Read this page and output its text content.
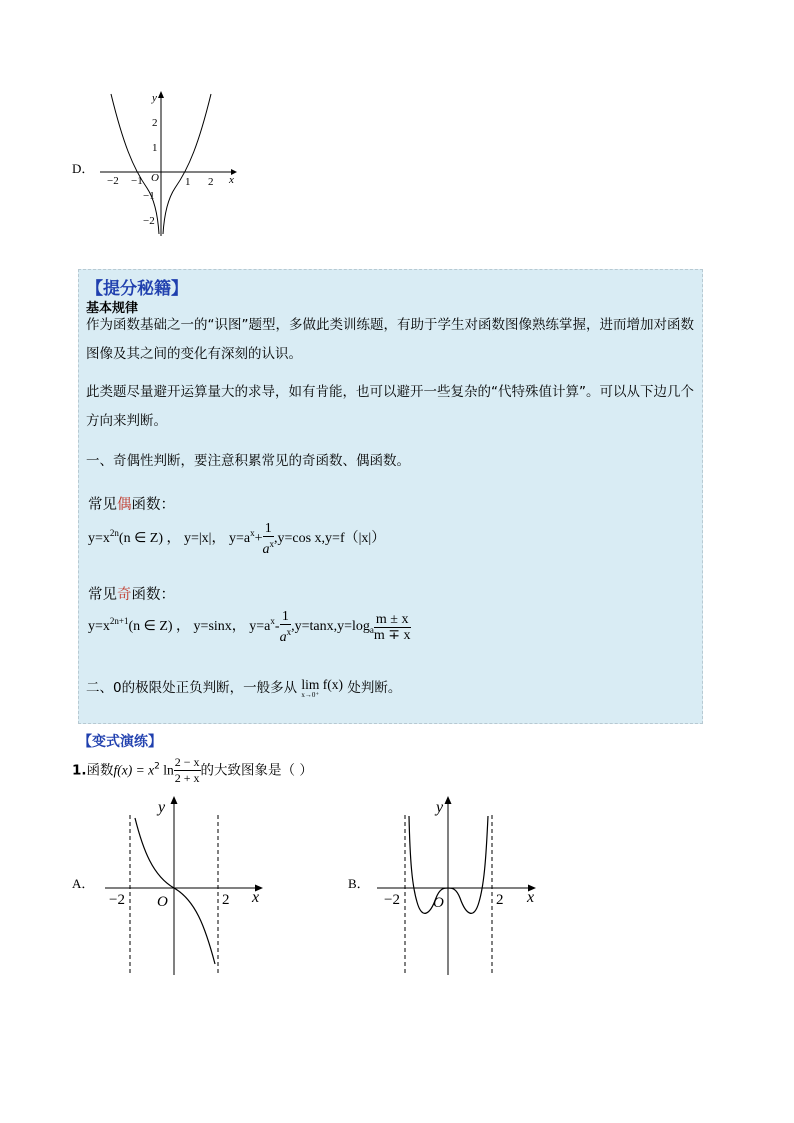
D．
−2 −1 O 1 2
2
1
−1
−2
x
y
【提分秘籍】
基本规律
作为函数基础之一的“识图”题型，多做此类训练题，有助于学生对函数图像熟练掌握，进而增加对函数图像及其之间的变化有深刻的认识。
此类题尽量避开运算量大的求导，如有肯能，也可以避开一些复杂的“代特殊值计算”。可以从下边几个方向来判断。
一、奇偶性判断，要注意积累常见的奇函数、偶函数。
常见偶函数：
$y=x^{2n}(n$ ∈ Z) ， y=|x|， $y=a^x+ \frac{1}{a^x} ,y=\cos$ x,y=f（|x|）
常见奇函数：
$y=x^{2n+1}(n$ ∈ Z) ， y=sinx， $y=a^x- \frac{1}{a^x} ,y=\tan x,y=\log_a \frac{m \pm x}{m \mp x}$
二、0的极限处正负判断，一般多从 lim f(x)
x→0⁺	处判断。
【变式演练】
1.函数$f(x) = x^2$ $\ln \frac{2 - x}{2 + x}$ 的大致图象是（ ）
A．
−2 O	2 x
y
B．
−2 O	2 x
y
